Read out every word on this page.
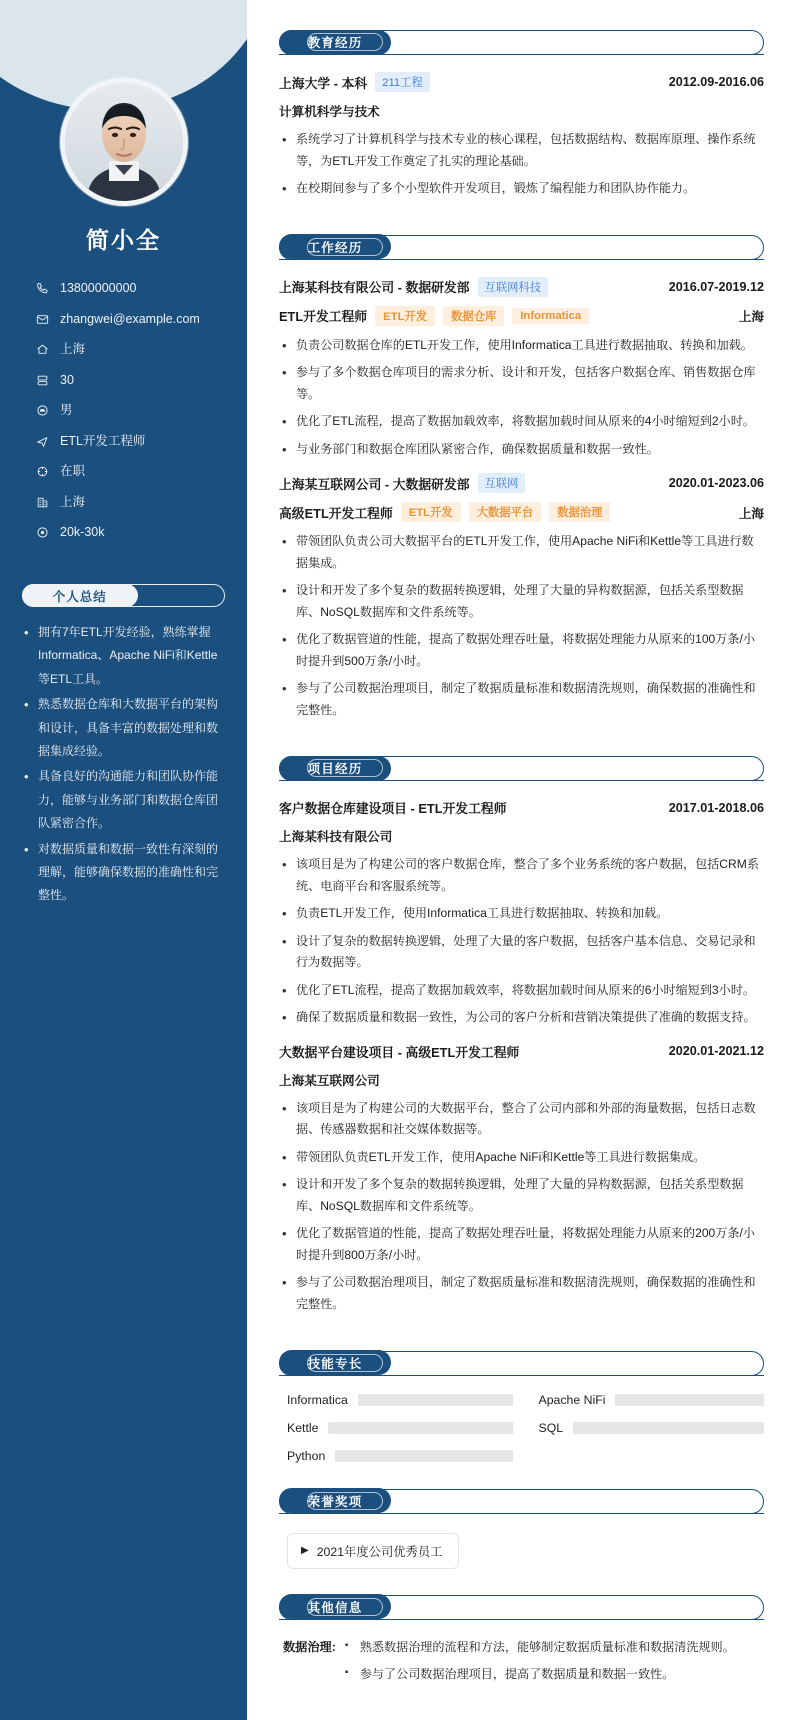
简小全
13800000000
zhangwei@example.com
上海
30
男
ETL开发工程师
在职
上海
20k-30k
个人总结
• 拥有7年ETL开发经验，熟练掌握Informatica、Apache NiFi和Kettle等ETL工具。
• 熟悉数据仓库和大数据平台的架构和设计，具备丰富的数据处理和数据集成经验。
• 具备良好的沟通能力和团队协作能力，能够与业务部门和数据仓库团队紧密合作。
• 对数据质量和数据一致性有深刻的理解，能够确保数据的准确性和完整性。
教育经历
上海大学 - 本科	211工程	2012.09-2016.06
计算机科学与技术
• 系统学习了计算机科学与技术专业的核心课程，包括数据结构、数据库原理、操作系统等，为ETL开发工作奠定了扎实的理论基础。
• 在校期间参与了多个小型软件开发项目，锻炼了编程能力和团队协作能力。
工作经历
上海某科技有限公司 - 数据研发部	互联网科技	2016.07-2019.12
ETL开发工程师	ETL开发	数据仓库	Informatica	上海
• 负责公司数据仓库的ETL开发工作，使用Informatica工具进行数据抽取、转换和加载。
• 参与了多个数据仓库项目的需求分析、设计和开发，包括客户数据仓库、销售数据仓库等。
• 优化了ETL流程，提高了数据加载效率，将数据加载时间从原来的4小时缩短到2小时。
• 与业务部门和数据仓库团队紧密合作，确保数据质量和数据一致性。
上海某互联网公司 - 大数据研发部	互联网	2020.01-2023.06
高级ETL开发工程师	ETL开发	大数据平台	数据治理	上海
• 带领团队负责公司大数据平台的ETL开发工作，使用Apache NiFi和Kettle等工具进行数据集成。
• 设计和开发了多个复杂的数据转换逻辑，处理了大量的异构数据源，包括关系型数据库、NoSQL数据库和文件系统等。
• 优化了数据管道的性能，提高了数据处理吞吐量，将数据处理能力从原来的100万条/小时提升到500万条/小时。
• 参与了公司数据治理项目，制定了数据质量标准和数据清洗规则，确保数据的准确性和完整性。
项目经历
客户数据仓库建设项目 - ETL开发工程师	2017.01-2018.06
上海某科技有限公司
• 该项目是为了构建公司的客户数据仓库，整合了多个业务系统的客户数据，包括CRM系统、电商平台和客服系统等。
• 负责ETL开发工作，使用Informatica工具进行数据抽取、转换和加载。
• 设计了复杂的数据转换逻辑，处理了大量的客户数据，包括客户基本信息、交易记录和行为数据等。
• 优化了ETL流程，提高了数据加载效率，将数据加载时间从原来的6小时缩短到3小时。
• 确保了数据质量和数据一致性，为公司的客户分析和营销决策提供了准确的数据支持。
大数据平台建设项目 - 高级ETL开发工程师	2020.01-2021.12
上海某互联网公司
• 该项目是为了构建公司的大数据平台，整合了公司内部和外部的海量数据，包括日志数据、传感器数据和社交媒体数据等。
• 带领团队负责ETL开发工作，使用Apache NiFi和Kettle等工具进行数据集成。
• 设计和开发了多个复杂的数据转换逻辑，处理了大量的异构数据源，包括关系型数据库、NoSQL数据库和文件系统等。
• 优化了数据管道的性能，提高了数据处理吞吐量，将数据处理能力从原来的200万条/小时提升到800万条/小时。
• 参与了公司数据治理项目，制定了数据质量标准和数据清洗规则，确保数据的准确性和完整性。
技能专长
Informatica	Apache NiFi
Kettle	SQL
Python
荣誉奖项
▶ 2021年度公司优秀员工
其他信息
数据治理:	▪ 熟悉数据治理的流程和方法，能够制定数据质量标准和数据清洗规则。
▪ 参与了公司数据治理项目，提高了数据质量和数据一致性。
